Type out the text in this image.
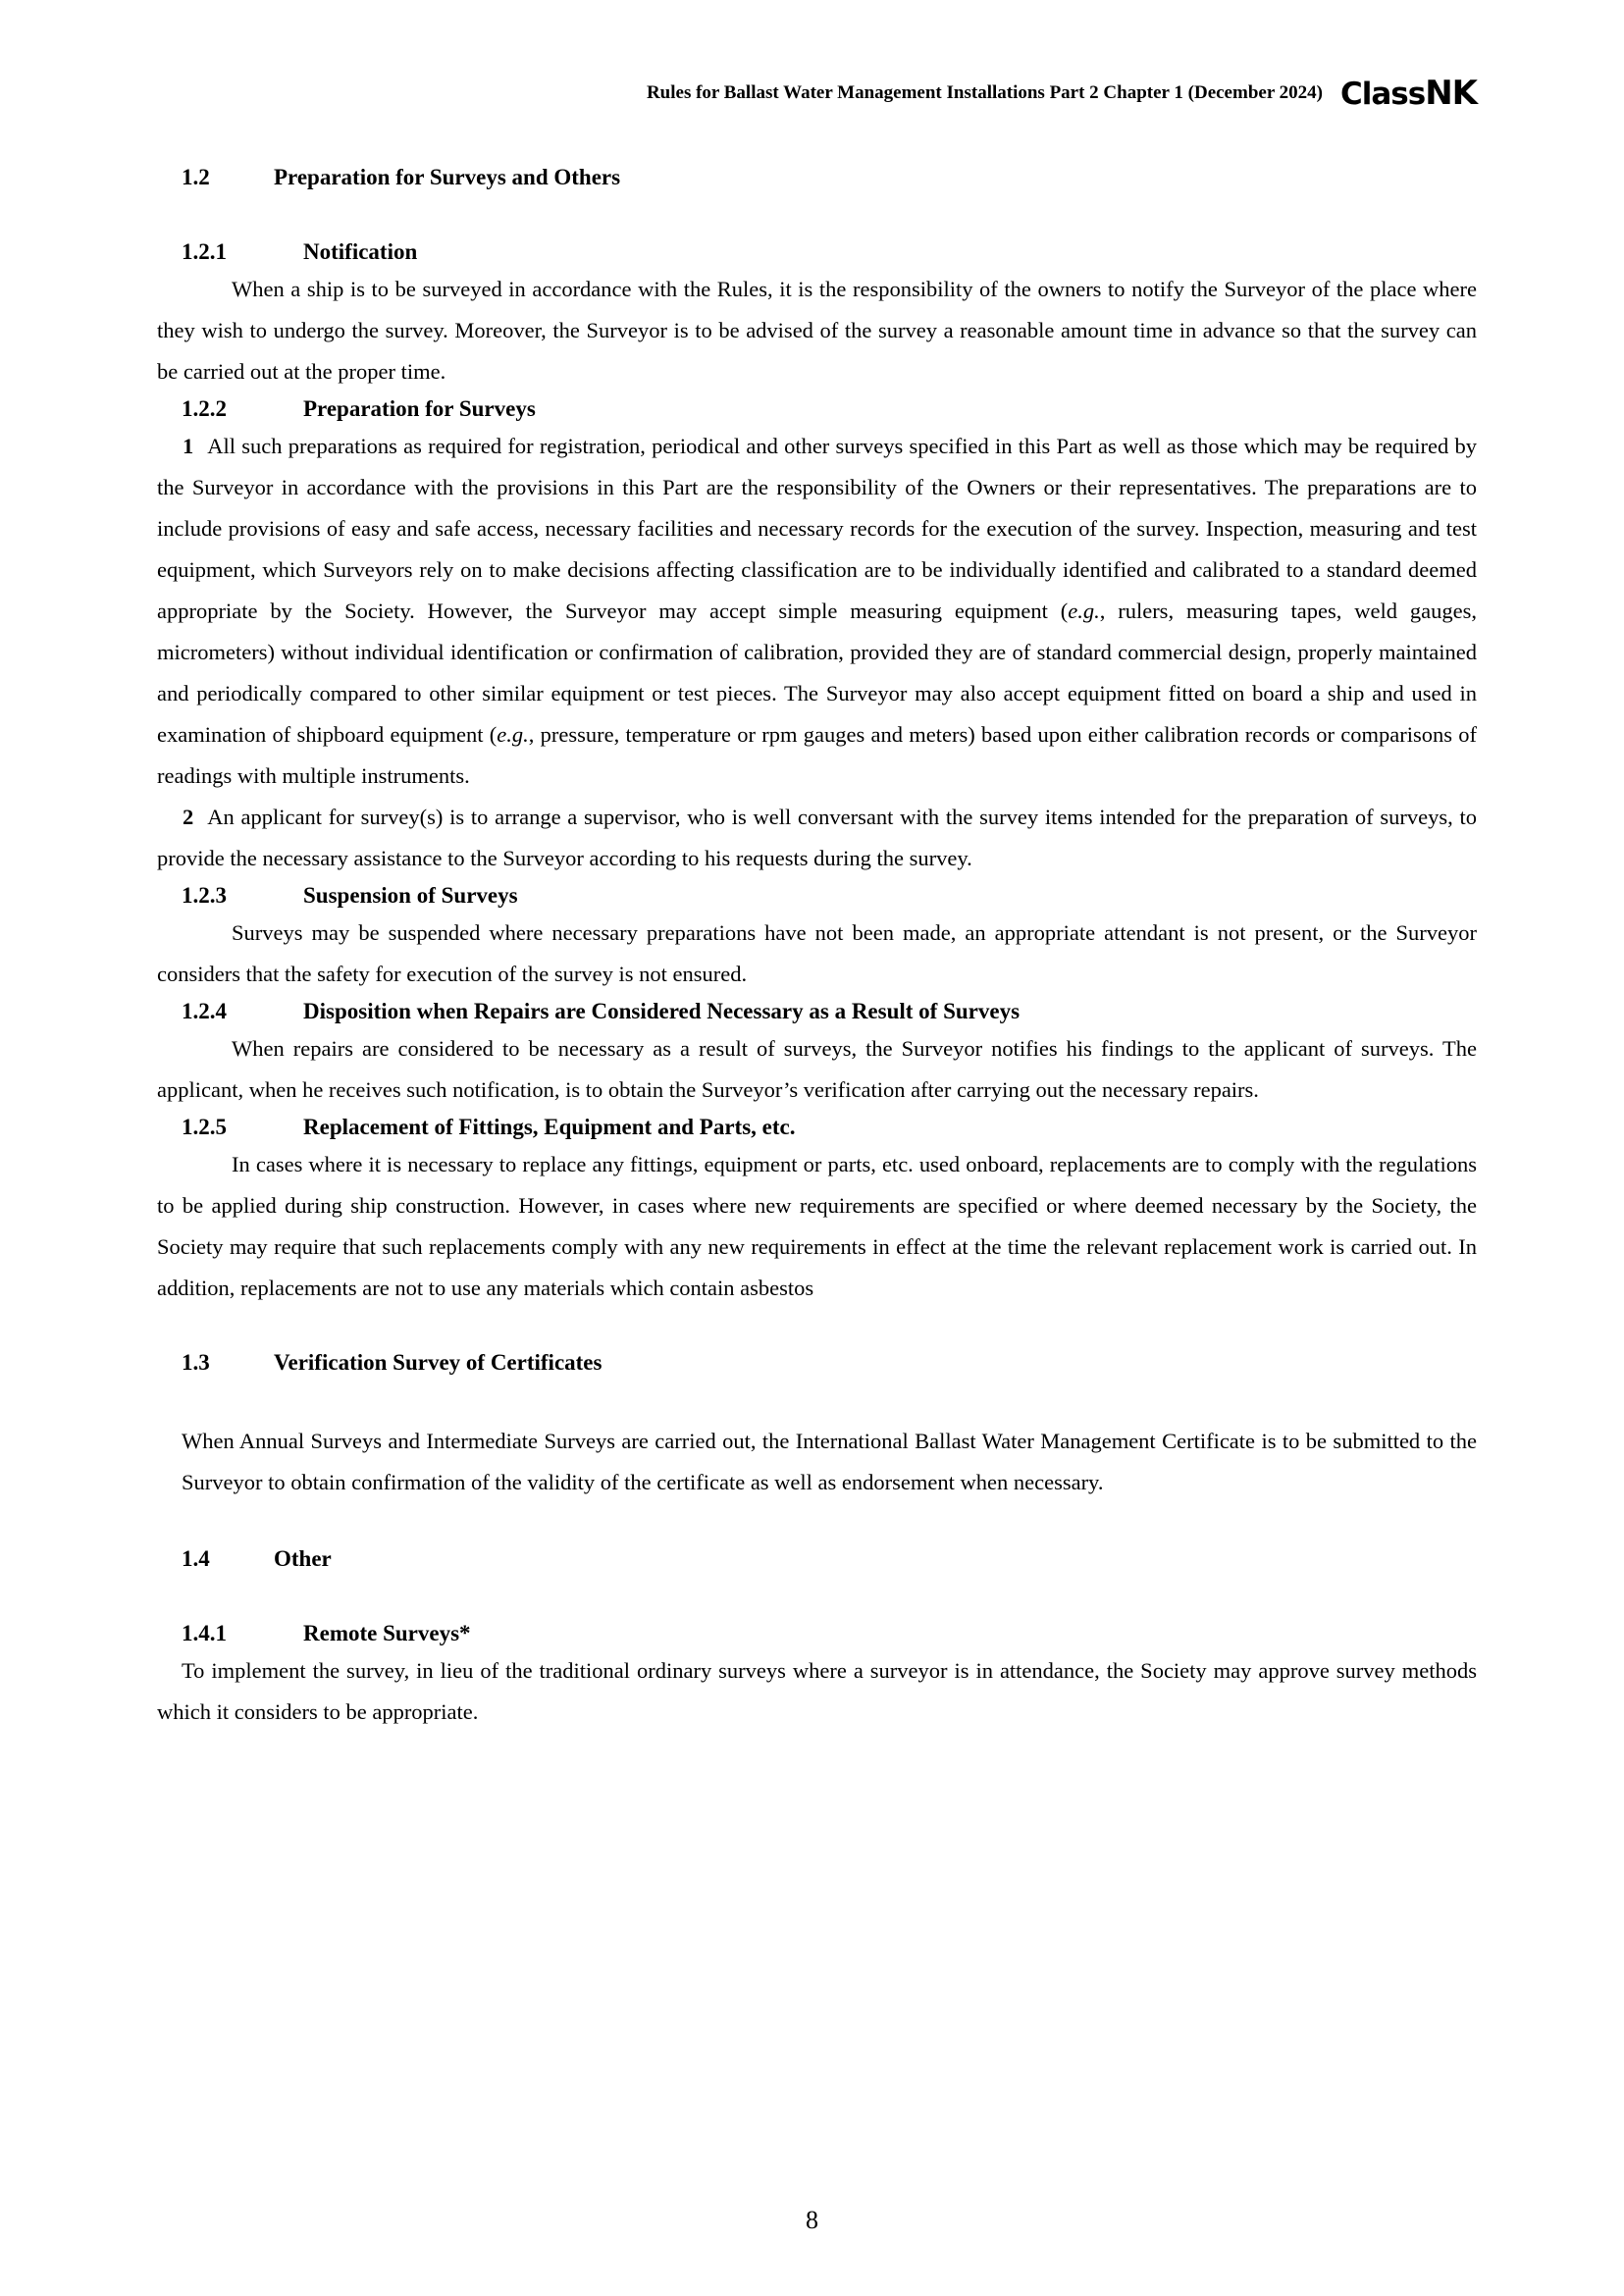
Rules for Ballast Water Management Installations Part 2 Chapter 1 (December 2024) Class NK
1.2	Preparation for Surveys and Others
1.2.1	Notification

When a ship is to be surveyed in accordance with the Rules, it is the responsibility of the owners to notify the Surveyor of the place where they wish to undergo the survey. Moreover, the Surveyor is to be advised of the survey a reasonable amount time in advance so that the survey can be carried out at the proper time.

1.2.2	Preparation for Surveys

1 All such preparations as required for registration, periodical and other surveys specified in this Part as well as those which may be required by the Surveyor in accordance with the provisions in this Part are the responsibility of the Owners or their representatives. The preparations are to include provisions of easy and safe access, necessary facilities and necessary records for the execution of the survey. Inspection, measuring and test equipment, which Surveyors rely on to make decisions affecting classification are to be individually identified and calibrated to a standard deemed appropriate by the Society. However, the Surveyor may accept simple measuring equipment (e.g., rulers, measuring tapes, weld gauges, micrometers) without individual identification or confirmation of calibration, provided they are of standard commercial design, properly maintained and periodically compared to other similar equipment or test pieces. The Surveyor may also accept equipment fitted on board a ship and used in examination of shipboard equipment (e.g., pressure, temperature or rpm gauges and meters) based upon either calibration records or comparisons of readings with multiple instruments.

2 An applicant for survey(s) is to arrange a supervisor, who is well conversant with the survey items intended for the preparation of surveys, to provide the necessary assistance to the Surveyor according to his requests during the survey.

1.2.3	Suspension of Surveys

Surveys may be suspended where necessary preparations have not been made, an appropriate attendant is not present, or the Surveyor considers that the safety for execution of the survey is not ensured.

1.2.4	Disposition when Repairs are Considered Necessary as a Result of Surveys

When repairs are considered to be necessary as a result of surveys, the Surveyor notifies his findings to the applicant of surveys. The applicant, when he receives such notification, is to obtain the Surveyor’s verification after carrying out the necessary repairs.

1.2.5	Replacement of Fittings, Equipment and Parts, etc.

In cases where it is necessary to replace any fittings, equipment or parts, etc. used onboard, replacements are to comply with the regulations to be applied during ship construction. However, in cases where new requirements are specified or where deemed necessary by the Society, the Society may require that such replacements comply with any new requirements in effect at the time the relevant replacement work is carried out. In addition, replacements are not to use any materials which contain asbestos

1.3	Verification Survey of Certificates

When Annual Surveys and Intermediate Surveys are carried out, the International Ballast Water Management Certificate is to be submitted to the Surveyor to obtain confirmation of the validity of the certificate as well as endorsement when necessary.

1.4	Other
1.4.1	Remote Surveys*

To implement the survey, in lieu of the traditional ordinary surveys where a surveyor is in attendance, the Society may approve survey methods which it considers to be appropriate.

8
